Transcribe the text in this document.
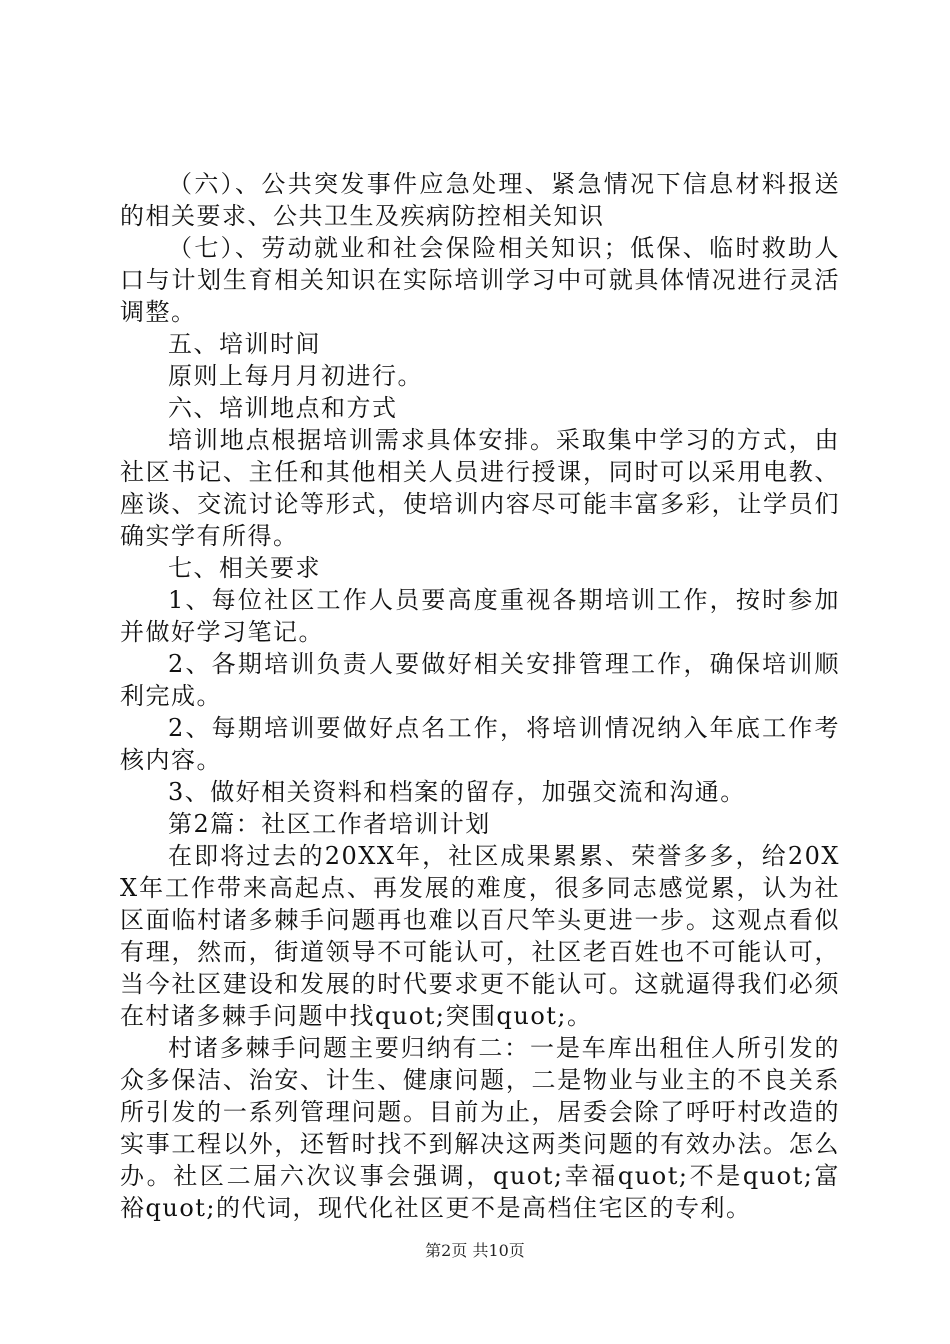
（六）、公共突发事件应急处理、紧急情况下信息材料报送的相关要求、公共卫生及疾病防控相关知识

（七）、劳动就业和社会保险相关知识；低保、临时救助人口与计划生育相关知识在实际培训学习中可就具体情况进行灵活调整。

五、培训时间

原则上每月月初进行。

六、培训地点和方式

培训地点根据培训需求具体安排。采取集中学习的方式，由社区书记、主任和其他相关人员进行授课，同时可以采用电教、座谈、交流讨论等形式，使培训内容尽可能丰富多彩，让学员们确实学有所得。

七、相关要求

1、每位社区工作人员要高度重视各期培训工作，按时参加并做好学习笔记。

2、各期培训负责人要做好相关安排管理工作，确保培训顺利完成。

2、每期培训要做好点名工作，将培训情况纳入年底工作考核内容。

3、做好相关资料和档案的留存，加强交流和沟通。

第2篇：社区工作者培训计划

在即将过去的20XX年，社区成果累累、荣誉多多，给20XX年工作带来高起点、再发展的难度，很多同志感觉累，认为社区面临村诸多棘手问题再也难以百尺竿头更进一步。这观点看似有理，然而，街道领导不可能认可，社区老百姓也不可能认可，当今社区建设和发展的时代要求更不能认可。这就逼得我们必须在村诸多棘手问题中找quot;突围quot;。

村诸多棘手问题主要归纳有二：一是车库出租住人所引发的众多保洁、治安、计生、健康问题，二是物业与业主的不良关系所引发的一系列管理问题。目前为止，居委会除了呼吁村改造的实事工程以外，还暂时找不到解决这两类问题的有效办法。怎么办。社区二届六次议事会强调，quot;幸福quot;不是quot;富裕quot;的代词，现代化社区更不是高档住宅区的专利。

第2页 共10页
